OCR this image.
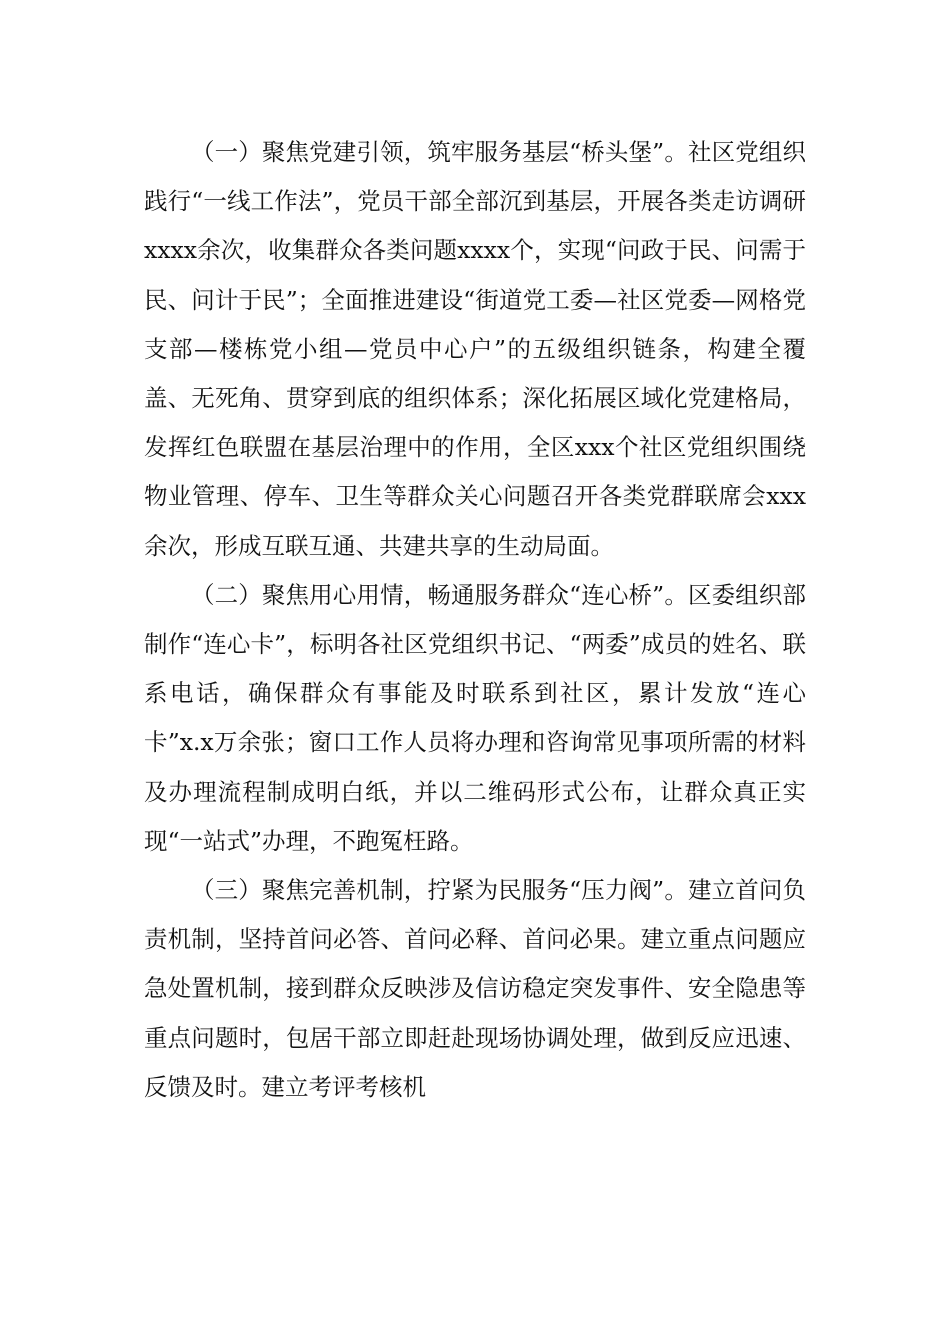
（一）聚焦党建引领，筑牢服务基层“桥头堡”。社区党组织践行“一线工作法”，党员干部全部沉到基层，开展各类走访调研xxxx余次，收集群众各类问题xxxx个，实现“问政于民、问需于民、问计于民”；全面推进建设“街道党工委—社区党委—网格党支部—楼栋党小组—党员中心户”的五级组织链条，构建全覆盖、无死角、贯穿到底的组织体系；深化拓展区域化党建格局，发挥红色联盟在基层治理中的作用，全区xxx个社区党组织围绕物业管理、停车、卫生等群众关心问题召开各类党群联席会xxx余次，形成互联互通、共建共享的生动局面。

（二）聚焦用心用情，畅通服务群众“连心桥”。区委组织部制作“连心卡”，标明各社区党组织书记、“两委”成员的姓名、联系电话，确保群众有事能及时联系到社区，累计发放“连心卡”x.x万余张；窗口工作人员将办理和咨询常见事项所需的材料及办理流程制成明白纸，并以二维码形式公布，让群众真正实现“一站式”办理，不跑冤枉路。

（三）聚焦完善机制，拧紧为民服务“压力阀”。建立首问负责机制，坚持首问必答、首问必释、首问必果。建立重点问题应急处置机制，接到群众反映涉及信访稳定突发事件、安全隐患等重点问题时，包居干部立即赶赴现场协调处理，做到反应迅速、反馈及时。建立考评考核机
